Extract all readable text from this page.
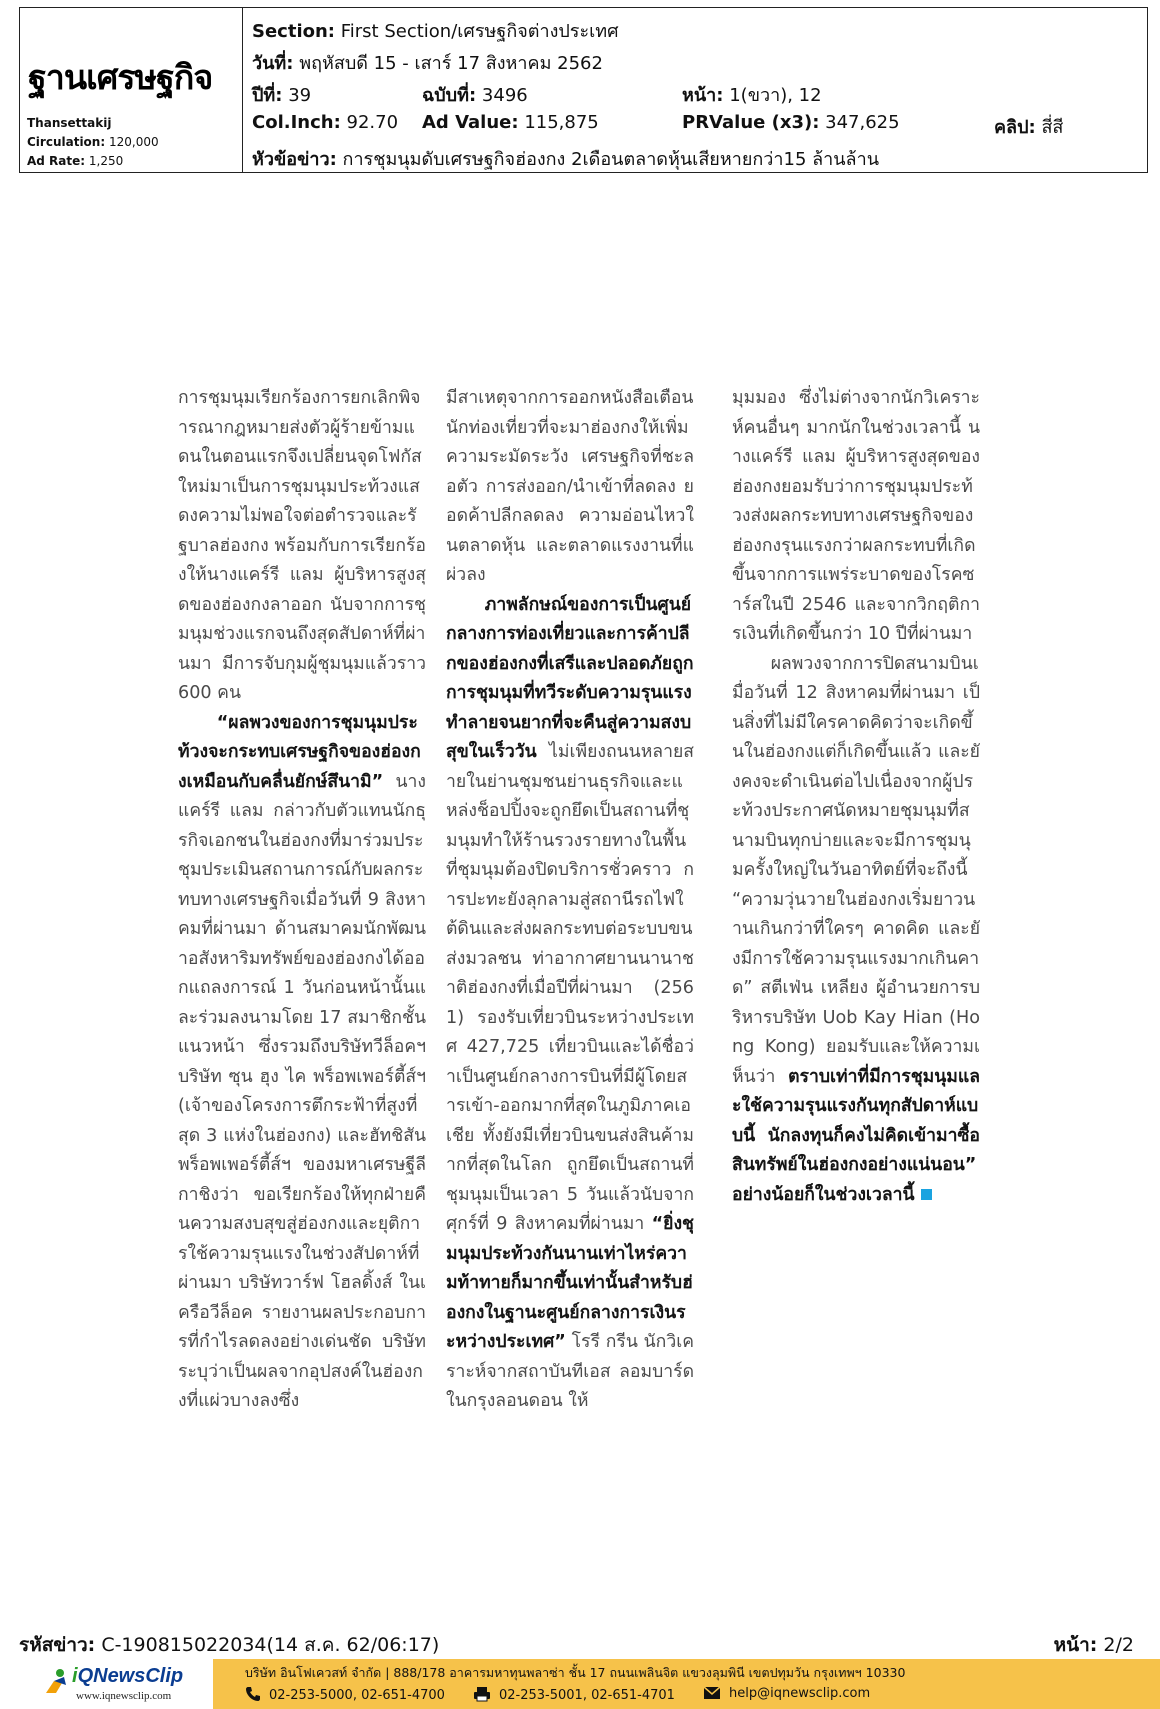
ฐานเศรษฐกิจ
Thansettakij
Circulation: 120,000
Ad Rate: 1,250
Section: First Section/เศรษฐกิจต่างประเทศ
วันที่: พฤหัสบดี 15 - เสาร์ 17 สิงหาคม 2562
ปีที่: 39	ฉบับที่: 3496	หน้า: 1(ขวา), 12
Col.Inch: 92.70 Ad Value: 115,875	PRValue (x3): 347,625	คลิป: สี่สี
หัวข้อข่าว: การชุมนุมดับเศรษฐกิจฮ่องกง 2เดือนตลาดหุ้นเสียหายกว่า15 ล้านล้าน

การชุมนุมเรียกร้องการยกเลิกพิจารณากฎหมายส่งตัวผู้ร้ายข้ามแดนในตอนแรกจึงเปลี่ยนจุดโฟกัสใหม่มาเป็นการชุมนุมประท้วงแสดงความไม่พอใจต่อตำรวจและรัฐบาลฮ่องกง พร้อมกับการเรียกร้องให้นางแคร์รี แลม ผู้บริหารสูงสุดของฮ่องกงลาออก นับจากการชุมนุมช่วงแรกจนถึงสุดสัปดาห์ที่ผ่านมา มีการจับกุมผู้ชุมนุมแล้วราว 600 คน

“ผลพวงของการชุมนุมประท้วงจะกระทบเศรษฐกิจของฮ่องกงเหมือนกับคลื่นยักษ์สึนามิ” นางแคร์รี แลม กล่าวกับตัวแทนนักธุรกิจเอกชนในฮ่องกงที่มาร่วมประชุมประเมินสถานการณ์กับผลกระทบทางเศรษฐกิจเมื่อวันที่ 9 สิงหาคมที่ผ่านมา ด้านสมาคมนักพัฒนาอสังหาริมทรัพย์ของฮ่องกงได้ออกแถลงการณ์ 1 วันก่อนหน้านั้นและร่วมลงนามโดย 17 สมาชิกชั้นแนวหน้า ซึ่งรวมถึงบริษัทวีล็อคฯ บริษัท ซุน ฮุง ไค พร็อพเพอร์ตี้ส์ฯ (เจ้าของโครงการตึกระฟ้าที่สูงที่สุด 3 แห่งในฮ่องกง) และฮัทชิสัน พร็อพเพอร์ตี้ส์ฯ ของมหาเศรษฐีลีกาชิงว่า ขอเรียกร้องให้ทุกฝ่ายคืนความสงบสุขสู่ฮ่องกงและยุติการใช้ความรุนแรงในช่วงสัปดาห์ที่ผ่านมา บริษัทวาร์ฟ โฮลดิ้งส์ ในเครือวีล็อค รายงานผลประกอบการที่กำไรลดลงอย่างเด่นชัด บริษัทระบุว่าเป็นผลจากอุปสงค์ในฮ่องกงที่แผ่วบางลงซึ่ง

มีสาเหตุจากการออกหนังสือเตือนนักท่องเที่ยวที่จะมาฮ่องกงให้เพิ่มความระมัดระวัง เศรษฐกิจที่ชะลอตัว การส่งออก/นำเข้าที่ลดลง ยอดค้าปลีกลดลง ความอ่อนไหวในตลาดหุ้น และตลาดแรงงานที่แผ่วลง

ภาพลักษณ์ของการเป็นศูนย์กลางการท่องเที่ยวและการค้าปลีกของฮ่องกงที่เสรีและปลอดภัยถูกการชุมนุมที่ทวีระดับความรุนแรงทำลายจนยากที่จะคืนสู่ความสงบสุขในเร็ววัน ไม่เพียงถนนหลายสายในย่านชุมชนย่านธุรกิจและแหล่งช็อปปิ้งจะถูกยึดเป็นสถานที่ชุมนุมทำให้ร้านรวงรายทางในพื้นที่ชุมนุมต้องปิดบริการชั่วคราว การปะทะยังลุกลามสู่สถานีรถไฟใต้ดินและส่งผลกระทบต่อระบบขนส่งมวลชน ท่าอากาศยานนานาชาติฮ่องกงที่เมื่อปีที่ผ่านมา (2561) รองรับเที่ยวบินระหว่างประเทศ 427,725 เที่ยวบินและได้ชื่อว่าเป็นศูนย์กลางการบินที่มีผู้โดยสารเข้า-ออกมากที่สุดในภูมิภาคเอเชีย ทั้งยังมีเที่ยวบินขนส่งสินค้ามากที่สุดในโลก ถูกยึดเป็นสถานที่ชุมนุมเป็นเวลา 5 วันแล้วนับจากศุกร์ที่ 9 สิงหาคมที่ผ่านมา “ยิ่งชุมนุมประท้วงกันนานเท่าไหร่ความท้าทายก็มากขึ้นเท่านั้นสำหรับฮ่องกงในฐานะศูนย์กลางการเงินระหว่างประเทศ” โรรี กรีน นักวิเคราะห์จากสถาบันทีเอส ลอมบาร์ด ในกรุงลอนดอน ให้

มุมมอง ซึ่งไม่ต่างจากนักวิเคราะห์คนอื่นๆ มากนักในช่วงเวลานี้ นางแคร์รี แลม ผู้บริหารสูงสุดของฮ่องกงยอมรับว่าการชุมนุมประท้วงส่งผลกระทบทางเศรษฐกิจของฮ่องกงรุนแรงกว่าผลกระทบที่เกิดขึ้นจากการแพร่ระบาดของโรคซาร์สในปี 2546 และจากวิกฤติการเงินที่เกิดขึ้นกว่า 10 ปีที่ผ่านมา

ผลพวงจากการปิดสนามบินเมื่อวันที่ 12 สิงหาคมที่ผ่านมา เป็นสิ่งที่ไม่มีใครคาดคิดว่าจะเกิดขึ้นในฮ่องกงแต่ก็เกิดขึ้นแล้ว และยังคงจะดำเนินต่อไปเนื่องจากผู้ประท้วงประกาศนัดหมายชุมนุมที่สนามบินทุกบ่ายและจะมีการชุมนุมครั้งใหญ่ในวันอาทิตย์ที่จะถึงนี้ “ความวุ่นวายในฮ่องกงเริ่มยาวนานเกินกว่าที่ใครๆ คาดคิด และยังมีการใช้ความรุนแรงมากเกินคาด” สตีเฟ่น เหลียง ผู้อำนวยการบริหารบริษัท Uob Kay Hian (Hong Kong) ยอมรับและให้ความเห็นว่า ตราบเท่าที่มีการชุมนุมและใช้ความรุนแรงกันทุกสัปดาห์แบบนี้ นักลงทุนก็คงไม่คิดเข้ามาซื้อสินทรัพย์ในฮ่องกงอย่างแน่นอน” อย่างน้อยก็ในช่วงเวลานี้

รหัสข่าว: C-190815022034(14 ส.ค. 62/06:17)	หน้า: 2/2
iQNewsClip
www.iqnewsclip.com
บริษัท อินโฟเควสท์ จำกัด | 888/178 อาคารมหาทุนพลาซ่า ชั้น 17 ถนนเพลินจิต แขวงลุมพินี เขตปทุมวัน กรุงเทพฯ 10330
02-253-5000, 02-651-4700	02-253-5001, 02-651-4701	help@iqnewsclip.com
